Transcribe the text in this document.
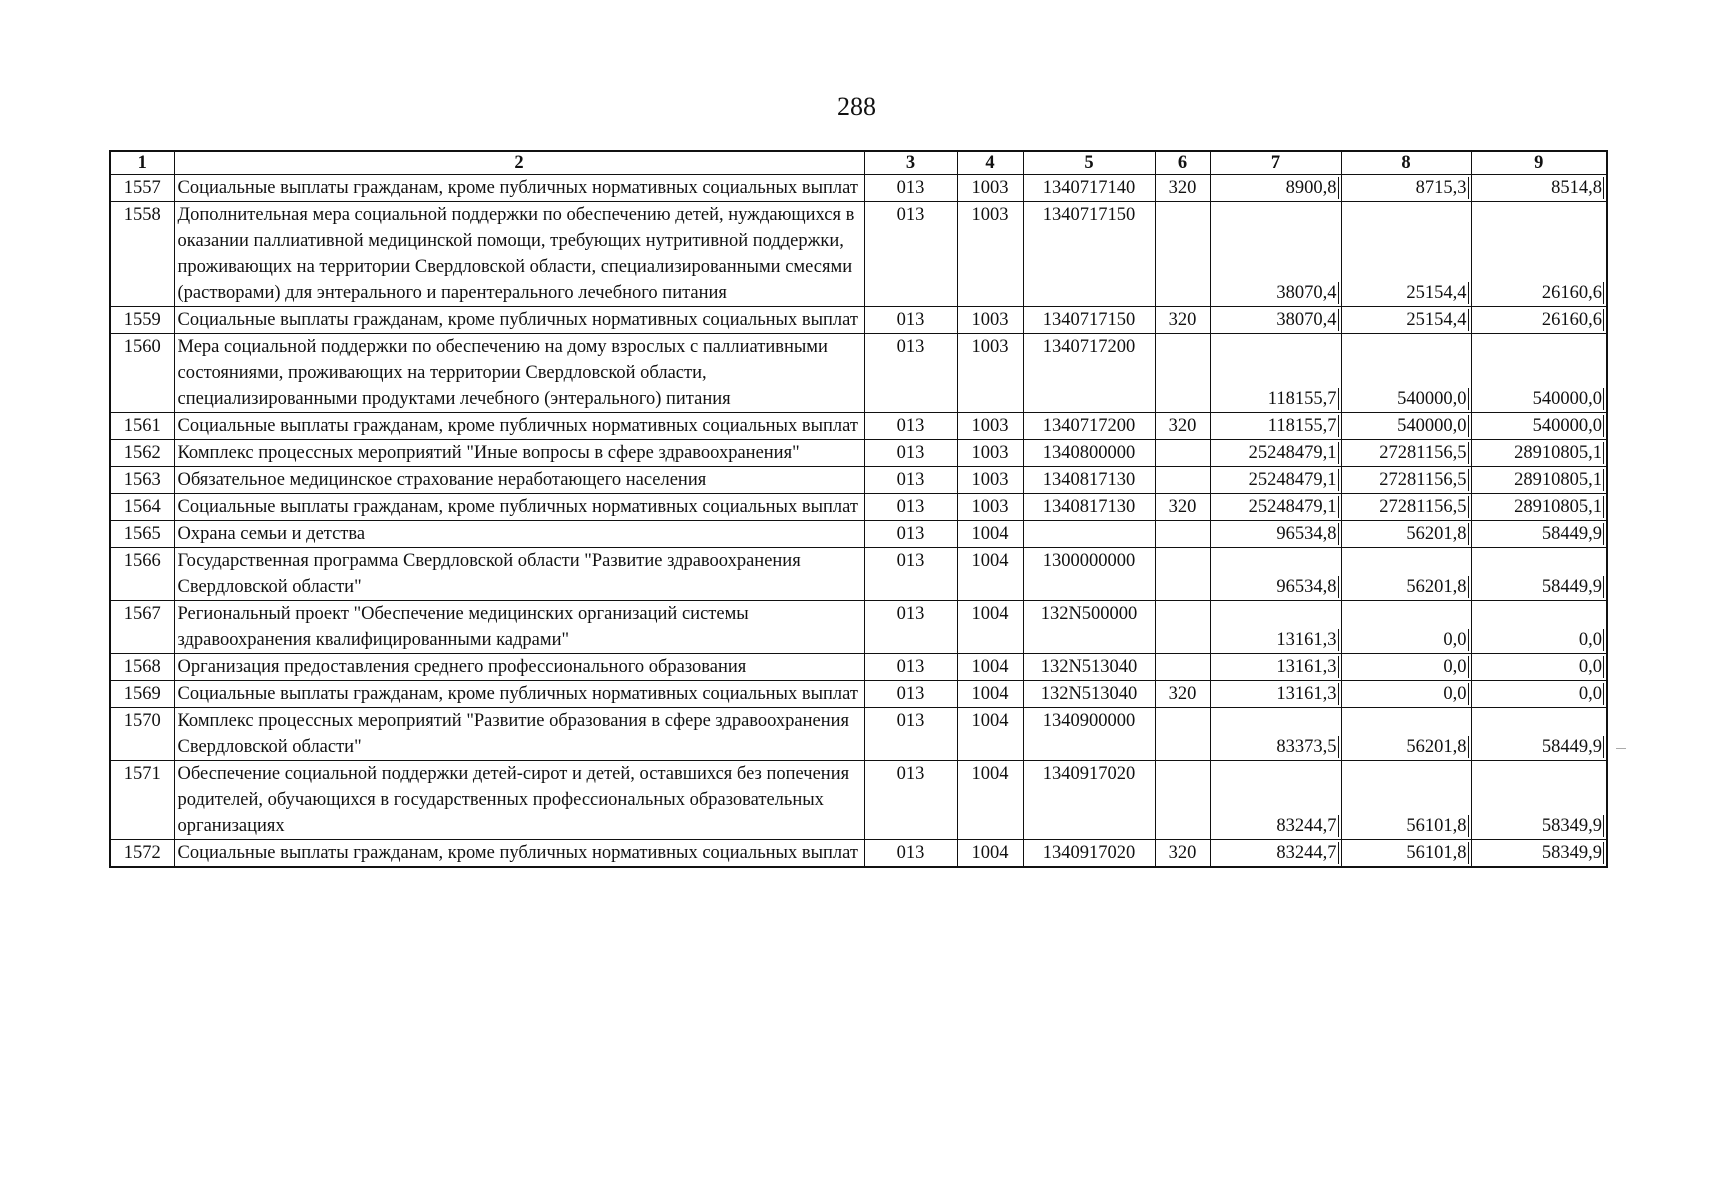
288
1	2	3	4	5	6	7	8	9
1557	Социальные выплаты гражданам, кроме публичных нормативных социальных выплат	013	1003	1340717140	320	8900,8	8715,3	8514,8
1558	Дополнительная мера социальной поддержки по обеспечению детей, нуждающихся в оказании паллиативной медицинской помощи, требующих нутритивной поддержки, проживающих на территории Свердловской области, специализированными смесями (растворами) для энтерального и парентерального лечебного питания	013	1003	1340717150		38070,4	25154,4	26160,6
1559	Социальные выплаты гражданам, кроме публичных нормативных социальных выплат	013	1003	1340717150	320	38070,4	25154,4	26160,6
1560	Мера социальной поддержки по обеспечению на дому взрослых с паллиативными состояниями, проживающих на территории Свердловской области, специализированными продуктами лечебного (энтерального) питания	013	1003	1340717200		118155,7	540000,0	540000,0
1561	Социальные выплаты гражданам, кроме публичных нормативных социальных выплат	013	1003	1340717200	320	118155,7	540000,0	540000,0
1562	Комплекс процессных мероприятий "Иные вопросы в сфере здравоохранения"	013	1003	1340800000		25248479,1	27281156,5	28910805,1
1563	Обязательное медицинское страхование неработающего населения	013	1003	1340817130		25248479,1	27281156,5	28910805,1
1564	Социальные выплаты гражданам, кроме публичных нормативных социальных выплат	013	1003	1340817130	320	25248479,1	27281156,5	28910805,1
1565	Охрана семьи и детства	013	1004			96534,8	56201,8	58449,9
1566	Государственная программа Свердловской области "Развитие здравоохранения Свердловской области"	013	1004	1300000000		96534,8	56201,8	58449,9
1567	Региональный проект "Обеспечение медицинских организаций системы здравоохранения квалифицированными кадрами"	013	1004	132N500000		13161,3	0,0	0,0
1568	Организация предоставления среднего профессионального образования	013	1004	132N513040		13161,3	0,0	0,0
1569	Социальные выплаты гражданам, кроме публичных нормативных социальных выплат	013	1004	132N513040	320	13161,3	0,0	0,0
1570	Комплекс процессных мероприятий "Развитие образования в сфере здравоохранения Свердловской области"	013	1004	1340900000		83373,5	56201,8	58449,9
1571	Обеспечение социальной поддержки детей-сирот и детей, оставшихся без попечения родителей, обучающихся в государственных профессиональных образовательных организациях	013	1004	1340917020		83244,7	56101,8	58349,9
1572	Социальные выплаты гражданам, кроме публичных нормативных социальных выплат	013	1004	1340917020	320	83244,7	56101,8	58349,9
